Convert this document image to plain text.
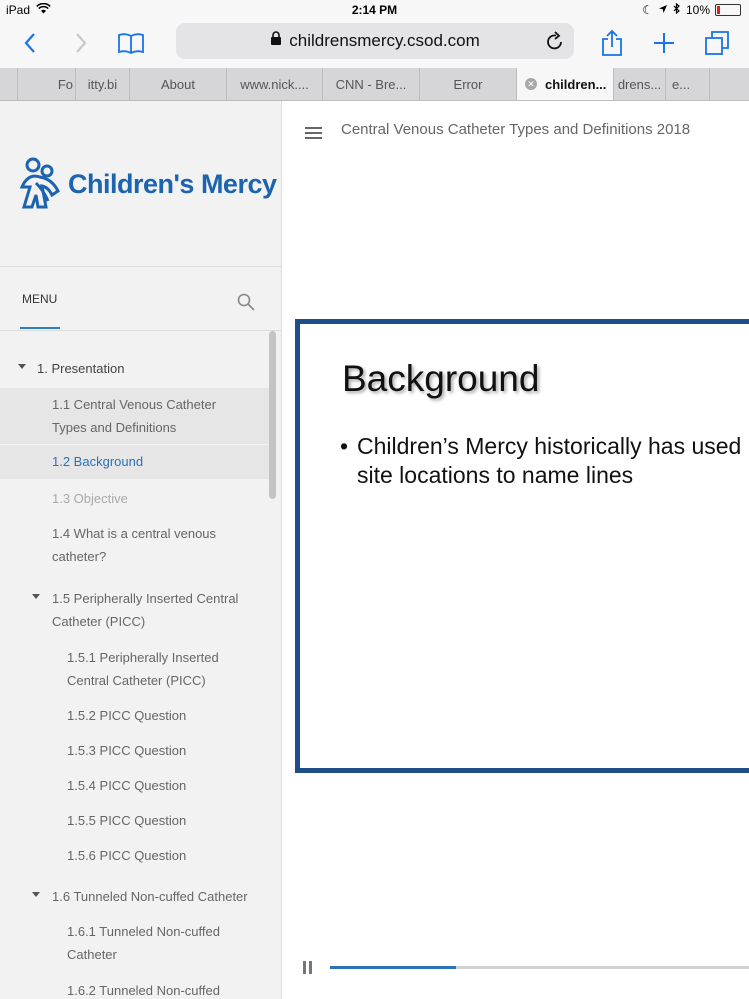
iPad	2:14 PM	☾	10%
childrensmercy.csod.com
Fo	itty.bi	About	www.nick....	CNN - Bre...	Error	✕ children... drens... e...
Children's Mercy
MENU
1. Presentation
1.1 Central Venous Catheter Types and Definitions
1.2 Background
1.3 Objective
1.4 What is a central venous catheter?
1.5 Peripherally Inserted Central Catheter (PICC)
1.5.1 Peripherally Inserted Central Catheter (PICC)
1.5.2 PICC Question
1.5.3 PICC Question
1.5.4 PICC Question
1.5.5 PICC Question
1.5.6 PICC Question
1.6 Tunneled Non-cuffed Catheter
1.6.1 Tunneled Non-cuffed Catheter
1.6.2 Tunneled Non-cuffed
Central Venous Catheter Types and Definitions 2018
Background
• Children’s Mercy historically has used
site locations to name lines
